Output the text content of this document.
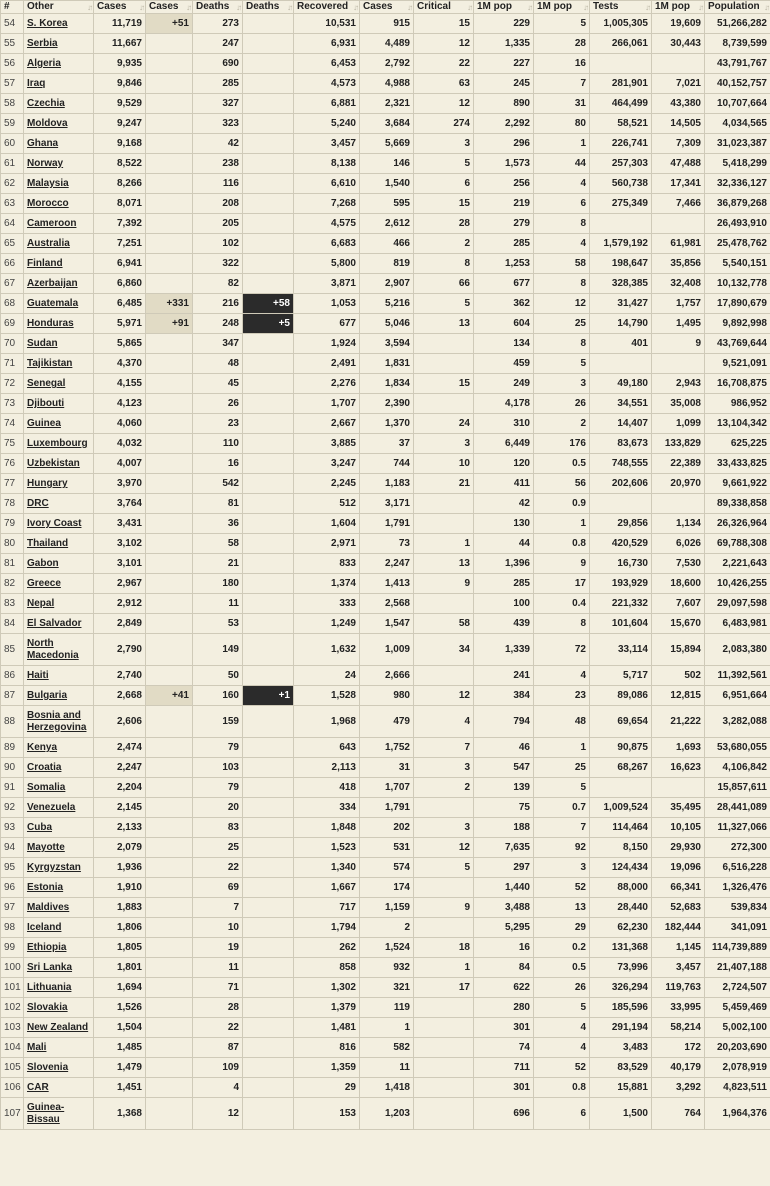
#	Other ↓↑	Cases ↓↑	Cases ↓↑	Deaths ↓↑	Deaths ↓↑	Recovered ↓↑	Cases ↓↑	Critical ↓↑	1M pop ↓↑	1M pop ↓↑	Tests ↓↑	1M pop ↓↑	Population ↓↑

54	S. Korea	11,719	+51	273		10,531	915	15	229	5	1,005,305	19,609	51,266,282
55	Serbia	11,667		247		6,931	4,489	12	1,335	28	266,061	30,443	8,739,599
56	Algeria	9,935		690		6,453	2,792	22	227	16			43,791,767
57	Iraq	9,846		285		4,573	4,988	63	245	7	281,901	7,021	40,152,757
58	Czechia	9,529		327		6,881	2,321	12	890	31	464,499	43,380	10,707,664
59	Moldova	9,247		323		5,240	3,684	274	2,292	80	58,521	14,505	4,034,565
60	Ghana	9,168		42		3,457	5,669	3	296	1	226,741	7,309	31,023,387
61	Norway	8,522		238		8,138	146	5	1,573	44	257,303	47,488	5,418,299
62	Malaysia	8,266		116		6,610	1,540	6	256	4	560,738	17,341	32,336,127
63	Morocco	8,071		208		7,268	595	15	219	6	275,349	7,466	36,879,268
64	Cameroon	7,392		205		4,575	2,612	28	279	8			26,493,910
65	Australia	7,251		102		6,683	466	2	285	4	1,579,192	61,981	25,478,762
66	Finland	6,941		322		5,800	819	8	1,253	58	198,647	35,856	5,540,151
67	Azerbaijan	6,860		82		3,871	2,907	66	677	8	328,385	32,408	10,132,778
68	Guatemala	6,485	+331	216	+58	1,053	5,216	5	362	12	31,427	1,757	17,890,679
69	Honduras	5,971	+91	248	+5	677	5,046	13	604	25	14,790	1,495	9,892,998
70	Sudan	5,865		347		1,924	3,594		134	8	401	9	43,769,644
71	Tajikistan	4,370		48		2,491	1,831		459	5			9,521,091
72	Senegal	4,155		45		2,276	1,834	15	249	3	49,180	2,943	16,708,875
73	Djibouti	4,123		26		1,707	2,390		4,178	26	34,551	35,008	986,952
74	Guinea	4,060		23		2,667	1,370	24	310	2	14,407	1,099	13,104,342
75	Luxembourg	4,032		110		3,885	37	3	6,449	176	83,673	133,829	625,225
76	Uzbekistan	4,007		16		3,247	744	10	120	0.5	748,555	22,389	33,433,825
77	Hungary	3,970		542		2,245	1,183	21	411	56	202,606	20,970	9,661,922
78	DRC	3,764		81		512	3,171		42	0.9			89,338,858
79	Ivory Coast	3,431		36		1,604	1,791		130	1	29,856	1,134	26,326,964
80	Thailand	3,102		58		2,971	73	1	44	0.8	420,529	6,026	69,788,308
81	Gabon	3,101		21		833	2,247	13	1,396	9	16,730	7,530	2,221,643
82	Greece	2,967		180		1,374	1,413	9	285	17	193,929	18,600	10,426,255
83	Nepal	2,912		11		333	2,568		100	0.4	221,332	7,607	29,097,598
84	El Salvador	2,849		53		1,249	1,547	58	439	8	101,604	15,670	6,483,981
85	North Macedonia	2,790		149		1,632	1,009	34	1,339	72	33,114	15,894	2,083,380
86	Haiti	2,740		50		24	2,666		241	4	5,717	502	11,392,561
87	Bulgaria	2,668	+41	160	+1	1,528	980	12	384	23	89,086	12,815	6,951,664
88	Bosnia and Herzegovina	2,606		159		1,968	479	4	794	48	69,654	21,222	3,282,088
89	Kenya	2,474		79		643	1,752	7	46	1	90,875	1,693	53,680,055
90	Croatia	2,247		103		2,113	31	3	547	25	68,267	16,623	4,106,842
91	Somalia	2,204		79		418	1,707	2	139	5			15,857,611
92	Venezuela	2,145		20		334	1,791		75	0.7	1,009,524	35,495	28,441,089
93	Cuba	2,133		83		1,848	202	3	188	7	114,464	10,105	11,327,066
94	Mayotte	2,079		25		1,523	531	12	7,635	92	8,150	29,930	272,300
95	Kyrgyzstan	1,936		22		1,340	574	5	297	3	124,434	19,096	6,516,228
96	Estonia	1,910		69		1,667	174		1,440	52	88,000	66,341	1,326,476
97	Maldives	1,883		7		717	1,159	9	3,488	13	28,440	52,683	539,834
98	Iceland	1,806		10		1,794	2		5,295	29	62,230	182,444	341,091
99	Ethiopia	1,805		19		262	1,524	18	16	0.2	131,368	1,145	114,739,889
100	Sri Lanka	1,801		11		858	932	1	84	0.5	73,996	3,457	21,407,188
101	Lithuania	1,694		71		1,302	321	17	622	26	326,294	119,763	2,724,507
102	Slovakia	1,526		28		1,379	119		280	5	185,596	33,995	5,459,469
103	New Zealand	1,504		22		1,481	1		301	4	291,194	58,214	5,002,100
104	Mali	1,485		87		816	582		74	4	3,483	172	20,203,690
105	Slovenia	1,479		109		1,359	11		711	52	83,529	40,179	2,078,919
106	CAR	1,451		4		29	1,418		301	0.8	15,881	3,292	4,823,511
107	Guinea-Bissau	1,368		12		153	1,203		696	6	1,500	764	1,964,376
